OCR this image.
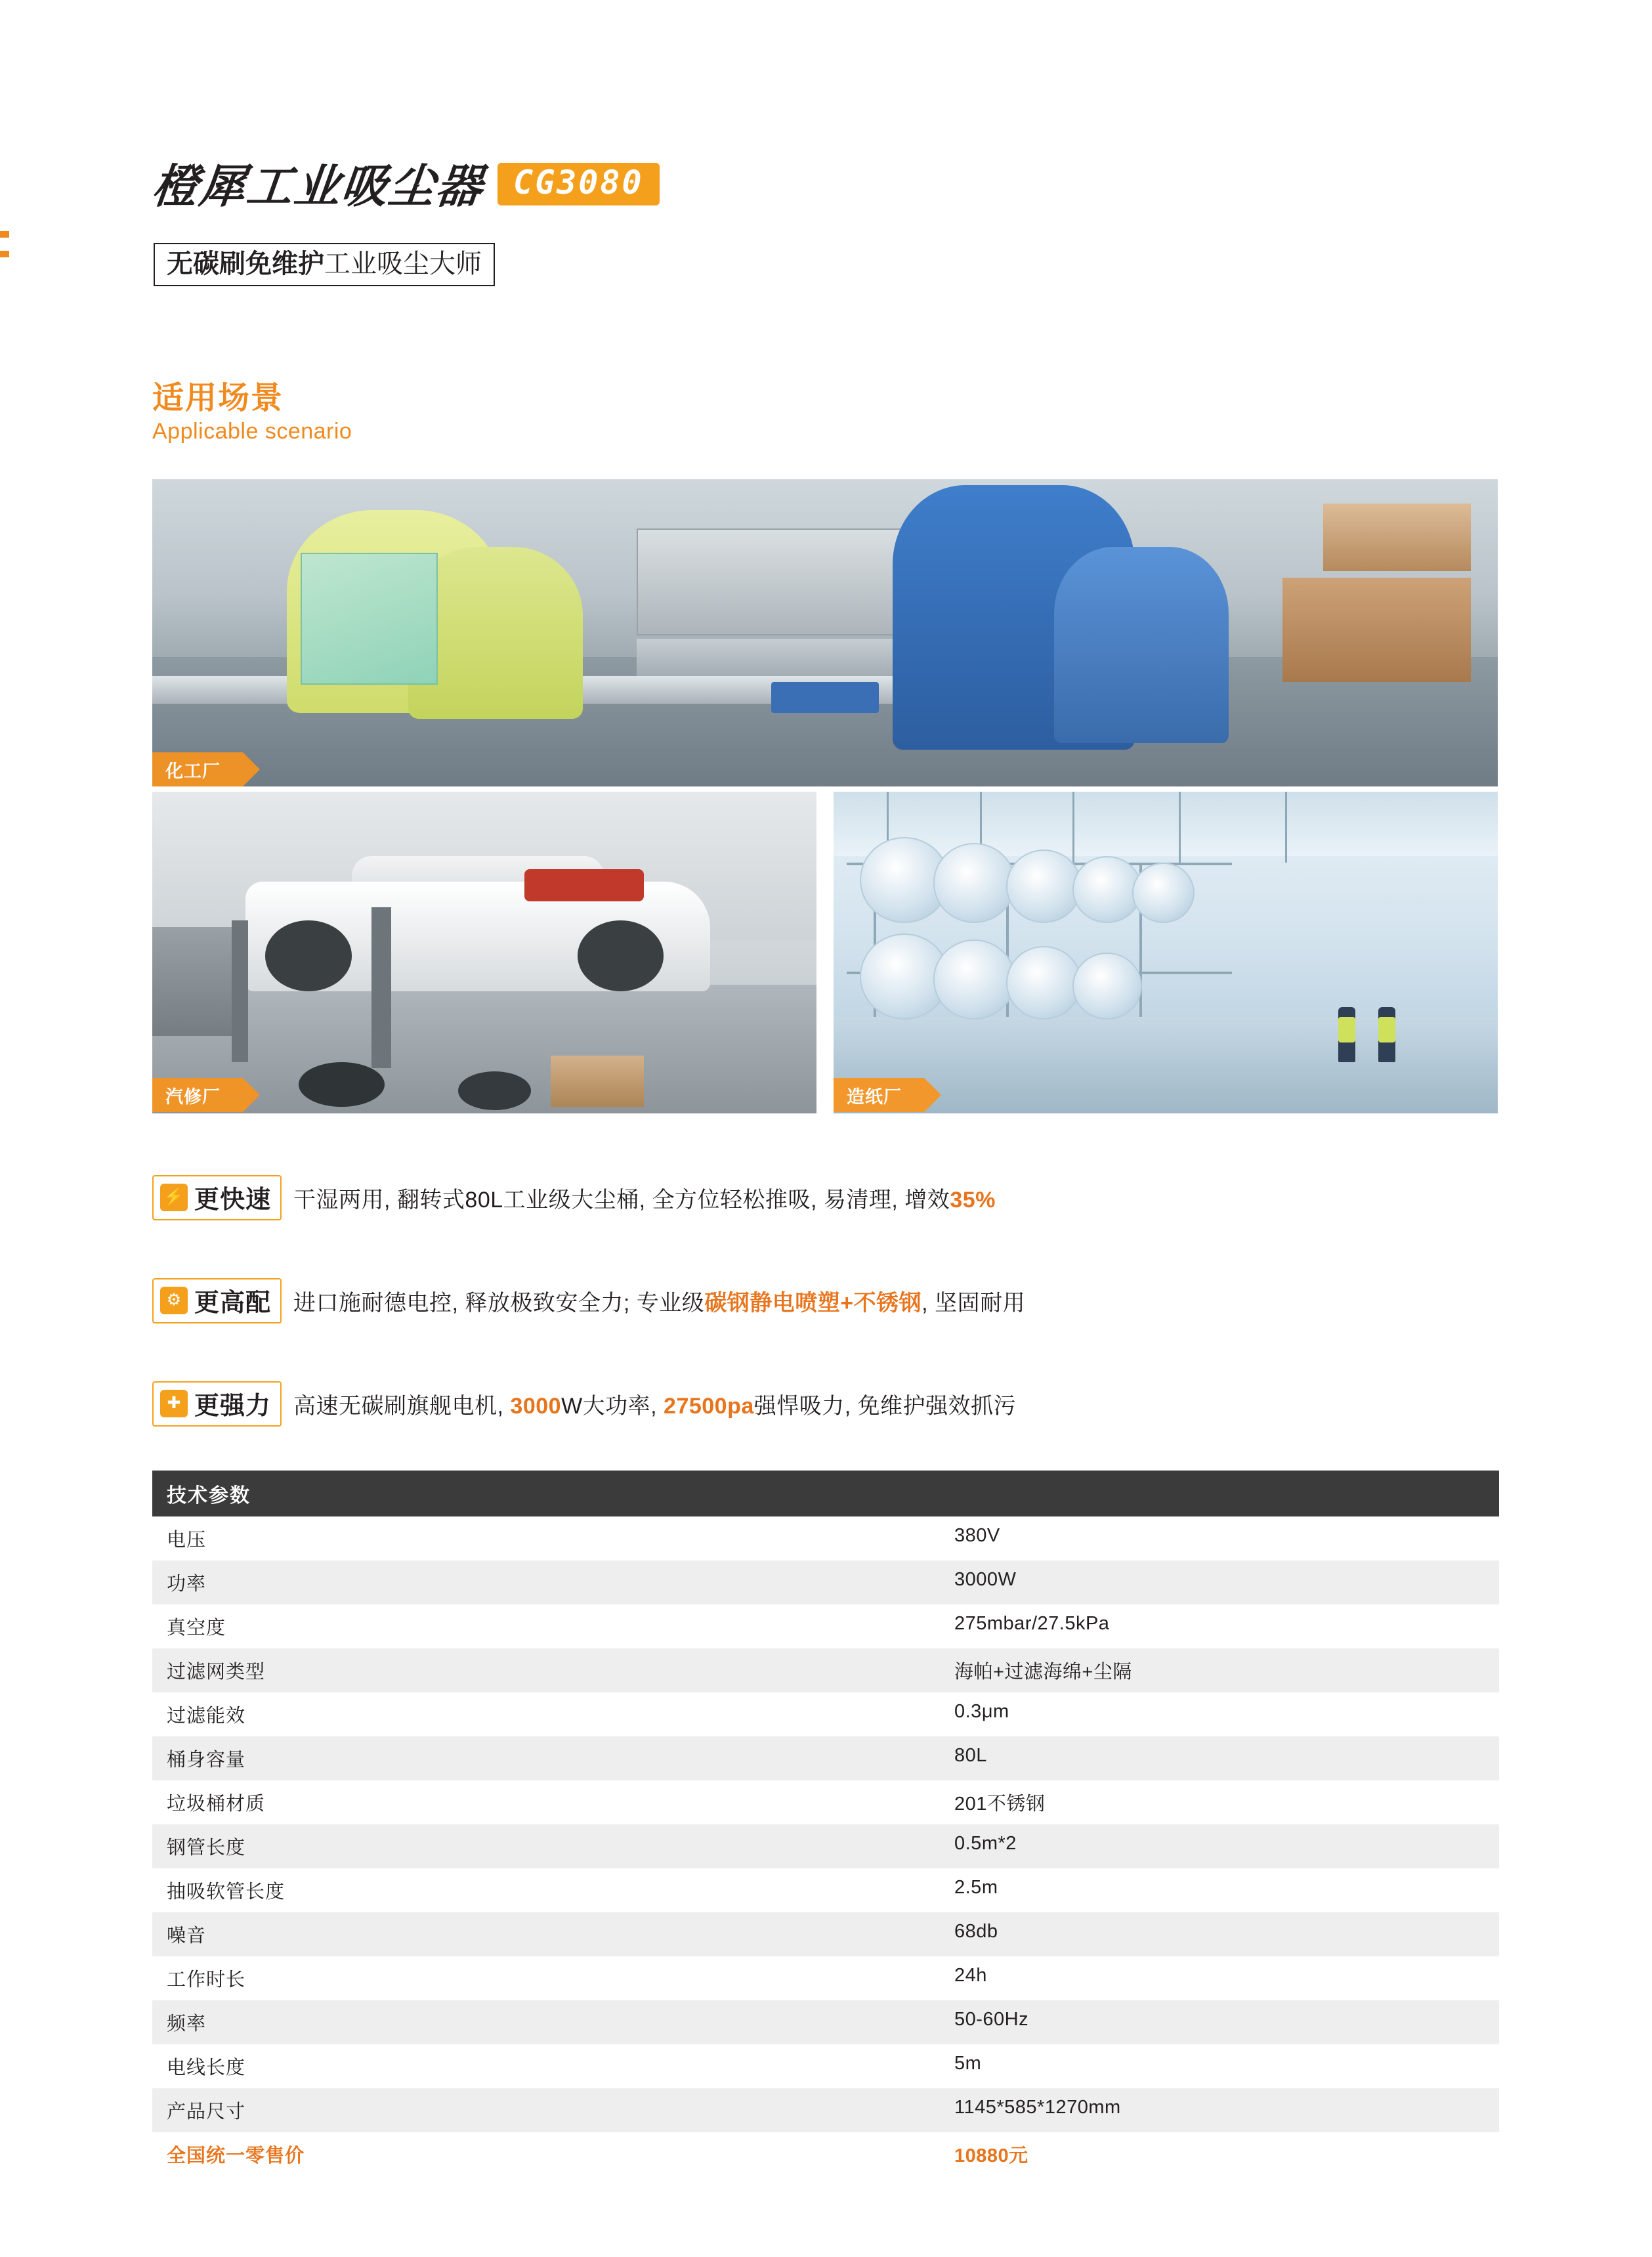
橙犀工业吸尘器 CG3080
无碳刷免维护工业吸尘大师
适用场景
Applicable scenario
化工厂
汽修厂	造纸厂
⚡ 更快速 干湿两用, 翻转式80L工业级大尘桶, 全方位轻松推吸, 易清理, 增效35%
⚙ 更高配 进口施耐德电控, 释放极致安全力; 专业级碳钢静电喷塑+不锈钢, 坚固耐用
✚ 更强力 高速无碳刷旗舰电机, 3000W大功率, 27500pa强悍吸力, 免维护强效抓污
技术参数
电压	380V
功率	3000W
真空度	275mbar/27.5kPa
过滤网类型	海帕+过滤海绵+尘隔
过滤能效	0.3μm
桶身容量	80L
垃圾桶材质	201不锈钢
钢管长度	0.5m*2
抽吸软管长度	2.5m
噪音	68db
工作时长	24h
频率	50-60Hz
电线长度	5m
产品尺寸	1145*585*1270mm
全国统一零售价	10880元
